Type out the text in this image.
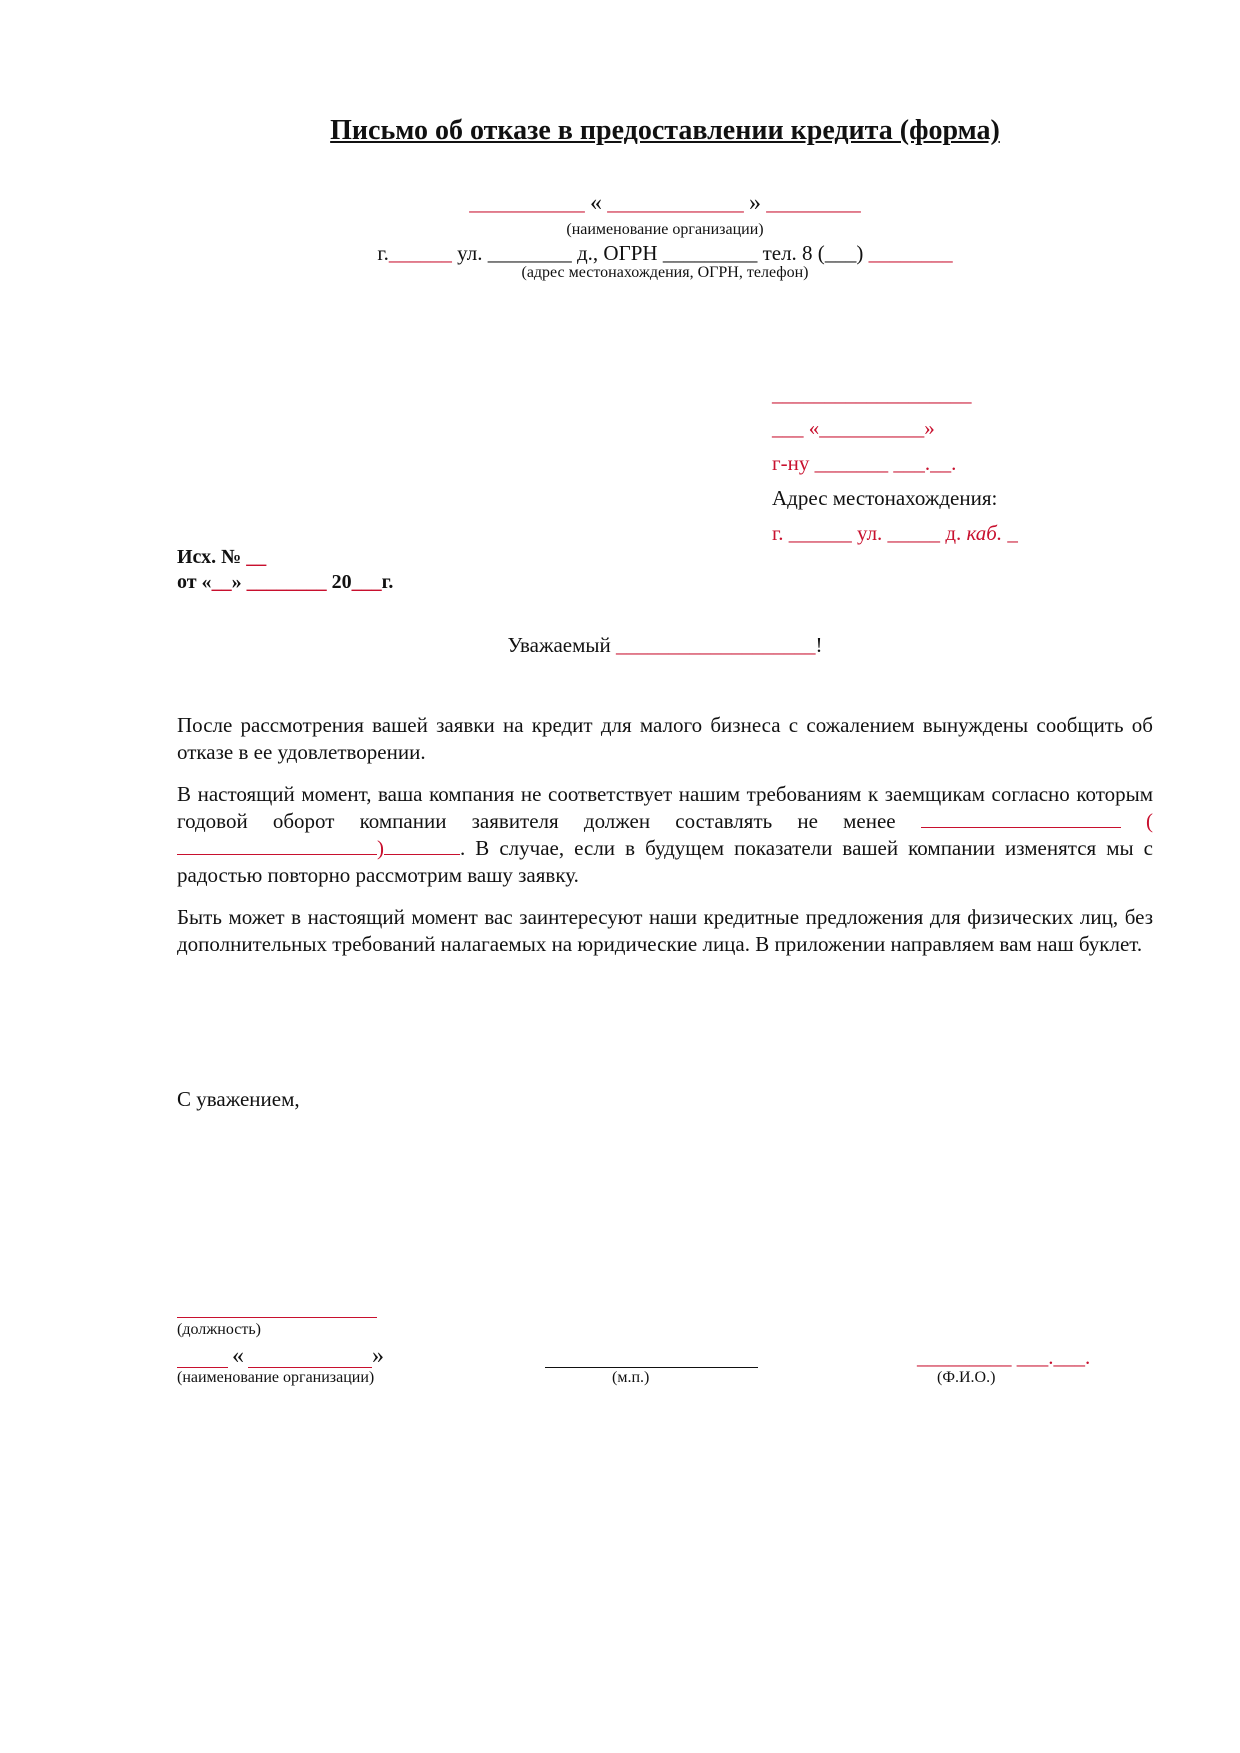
Письмо об отказе в предоставлении кредита (форма)
___________ « _____________ » _________
(наименование организации)
г.______ ул. ________ д., ОГРН _________ тел. 8 (___) ________
(адрес местонахождения, ОГРН, телефон)
___________________
___ «__________»
г-ну _______ ___.__.
Адрес местонахождения:
г. ______ ул. _____ д. каб. _
Исх. № __
от «__» ________ 20___г.
Уважаемый ___________________!

После рассмотрения вашей заявки на кредит для малого бизнеса с сожалением вынуждены сообщить об отказе в ее удовлетворении.

В настоящий момент, ваша компания не соответствует нашим требованиям к заемщикам согласно которым годовой оборот компании заявителя должен составлять не менее	()	. В случае, если в будущем показатели вашей компании изменятся мы с радостью повторно рассмотрим вашу заявку.

Быть может в настоящий момент вас заинтересуют наши кредитные предложения для физических лиц, без дополнительных требований налагаемых на юридические лица. В приложении направляем вам наш буклет.

С уважением,
(должность)
«	»
(наименование организации)	(м.п.)
_________ ___.___.
(Ф.И.О.)
